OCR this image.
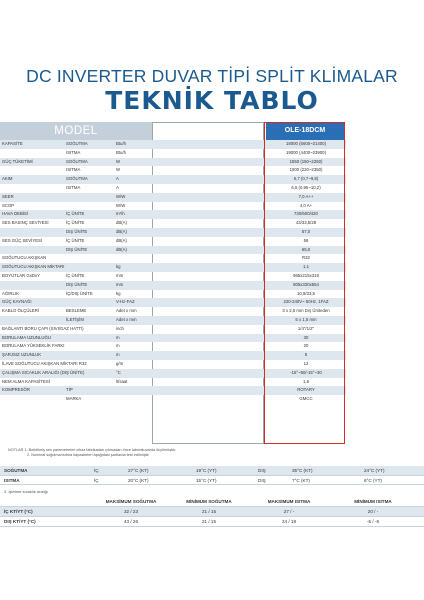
DC INVERTER DUVAR TİPİ SPLİT KLİMALAR
TEKNİK TABLO
MODEL	OLE-18DCM
KAPASİTE	SOĞUTMA	Btu/h	18000 (6600~21400)
ISITMA	Btu/h	19000 (4400~23900)
GÜÇ TÜKETİMİ	SOĞUTMA	W	1550 (150~2250)
ISITMA	W	1500 (220~2350)
AKIM	SOĞUTMA	A	6,7 (0,7~9,8)
ISITMA	A	6,5 (0,95~10,2)
SEER	W/W	7,0 A++
SCOP	W/W	4,0 A+
HAVA DEBİSİ	İÇ ÜNİTE	m³/h	730/600/420
SES BASINÇ SEVİYESİ	İÇ ÜNİTE	dB(A)	43/33,5/28
DIŞ ÜNİTE	dB(A)	57,0
SES GÜÇ SEVİYESİ	İÇ ÜNİTE	dB(A)	56
DIŞ ÜNİTE	dB(A)	65,0
SOĞUTUCU AKIŞKAN	R32
SOĞUTUCU AKIŞKAN MİKTARI	kg	1,1
BOYUTLAR GxDxY	İÇ ÜNİTE	mm	965x215x319
DIŞ ÜNİTE	mm	805x330x554
AĞIRLIK	İÇ/DIŞ ÜNİTE	kg	10,9/33,5
GÜÇ KAYNAĞI	V-Hz-FAZ	220-240V~ 50Hz, 1FAZ
KABLO ÖLÇÜLERİ	BESLEME	Adet x mm	3 x 2,5 mm Dış Üniteden
İLETİŞİM	Adet x mm	5 x 1,5 mm
BAĞLANTI BORU ÇAPI (SIVI/GAZ HATTI)	inch	1/4"/1/2"
BORULAMA UZUNLUĞU	m	30
BORULAMA YÜKSEKLİK FARKI	m	20
ŞARJSIZ UZUNLUK	m	5
İLAVE SOĞUTUCU AKIŞKAN MİKTARI R32	g/m	12
ÇALIŞMA SICAKLIK ARALIĞI (DIŞ ÜNİTE)	°C	-15°~50/-15°~30
NEM ALMA KAPASİTESİ	lt/saat	1,8
KOMPRESÖR	TİP	ROTARY
MARKA	GMCC
NOTLAR 1. Belirtilmiş ses parametreleri cihaz fabrikadan çıkmadan önce laboratuvarda ölçülmüştür.
2. Nominal soğutma/ısıtma kapasiteleri aşağıdaki şartlarda test edilmiştir.
SOĞUTMA	İÇ	27°C (KT)	19°C (YT)	DIŞ	35°C (KT)	24°C (YT)
ISITMA	İÇ	20°C (KT)	15°C (YT)	DIŞ	7°C (KT)	6°C (YT)
3. İşletme sıcaklık aralığı
MAKSİMUM SOĞUTMA	MİNİMUM SOĞUTMA	MAKSİMUM ISITMA	MİNİMUM ISITMA
İÇ KT/YT (°C)	32 / 23	21 / 15	27 / -	20 / -
DIŞ KT/YT (°C)	43 / 26	21 / 15	24 / 18	-5 / -6
